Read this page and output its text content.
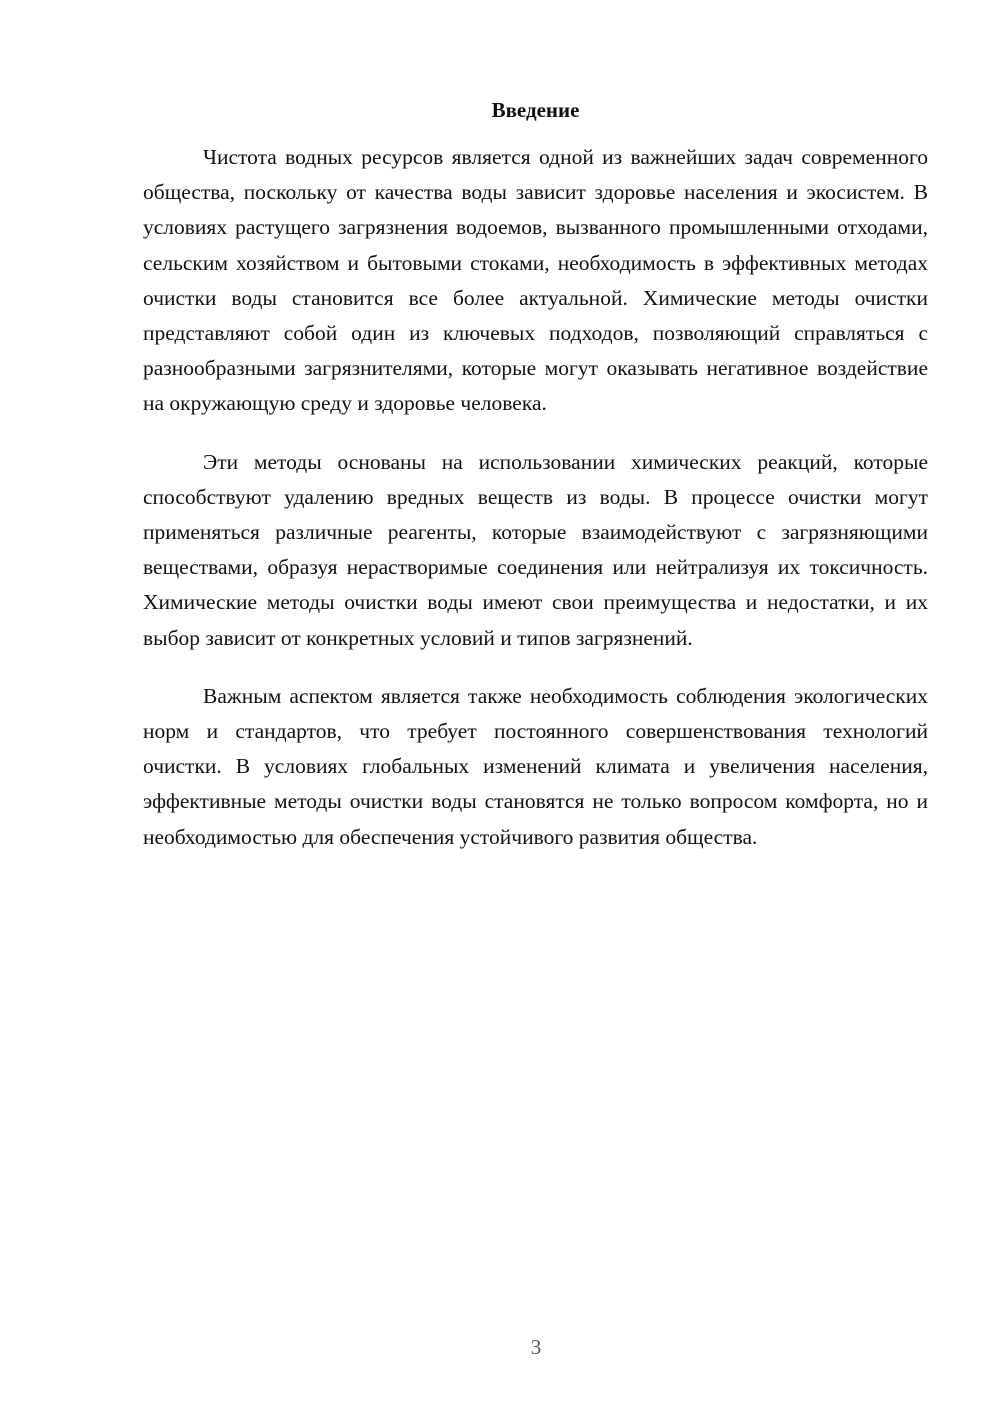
Введение

Чистота водных ресурсов является одной из важнейших задач современного общества, поскольку от качества воды зависит здоровье населения и экосистем. В условиях растущего загрязнения водоемов, вызванного промышленными отходами, сельским хозяйством и бытовыми стоками, необходимость в эффективных методах очистки воды становится все более актуальной. Химические методы очистки представляют собой один из ключевых подходов, позволяющий справляться с разнообразными загрязнителями, которые могут оказывать негативное воздействие на окружающую среду и здоровье человека.

Эти методы основаны на использовании химических реакций, которые способствуют удалению вредных веществ из воды. В процессе очистки могут применяться различные реагенты, которые взаимодействуют с загрязняющими веществами, образуя нерастворимые соединения или нейтрализуя их токсичность. Химические методы очистки воды имеют свои преимущества и недостатки, и их выбор зависит от конкретных условий и типов загрязнений.

Важным аспектом является также необходимость соблюдения экологических норм и стандартов, что требует постоянного совершенствования технологий очистки. В условиях глобальных изменений климата и увеличения населения, эффективные методы очистки воды становятся не только вопросом комфорта, но и необходимостью для обеспечения устойчивого развития общества.

3
